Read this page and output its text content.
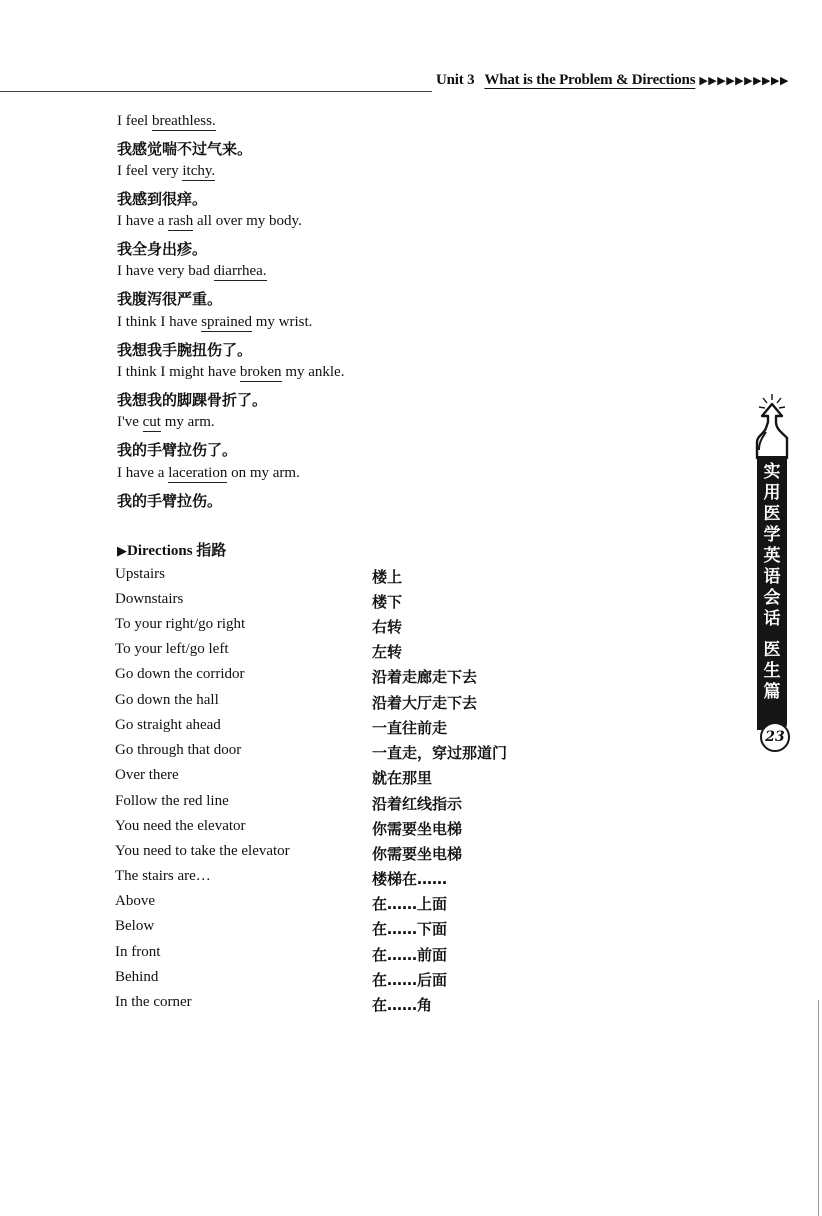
Unit 3 What is the Problem & Directions ▶▶▶▶▶▶▶▶▶▶
I feel breathless.
我感觉喘不过气来。
I feel very itchy.
我感到很痒。
I have a rash all over my body.
我全身出疹。
I have very bad diarrhea.
我腹泻很严重。
I think I have sprained my wrist.
我想我手腕扭伤了。
I think I might have broken my ankle.
我想我的脚踝骨折了。
I've cut my arm.
我的手臂拉伤了。
I have a laceration on my arm.
我的手臂拉伤。
▶Directions 指路
Upstairs	楼上
Downstairs	楼下
To your right/go right	右转
To your left/go left	左转
Go down the corridor	沿着走廊走下去
Go down the hall	沿着大厅走下去
Go straight ahead	一直往前走
Go through that door	一直走，穿过那道门
Over there	就在那里
Follow the red line	沿着红线指示
You need the elevator	你需要坐电梯
You need to take the elevator	你需要坐电梯
The stairs are…	楼梯在……
Above	在……上面
Below	在……下面
In front	在……前面
Behind	在……后面
In the corner	在……角
实
用
医
学
英
语
会
话
医
生
篇
23
